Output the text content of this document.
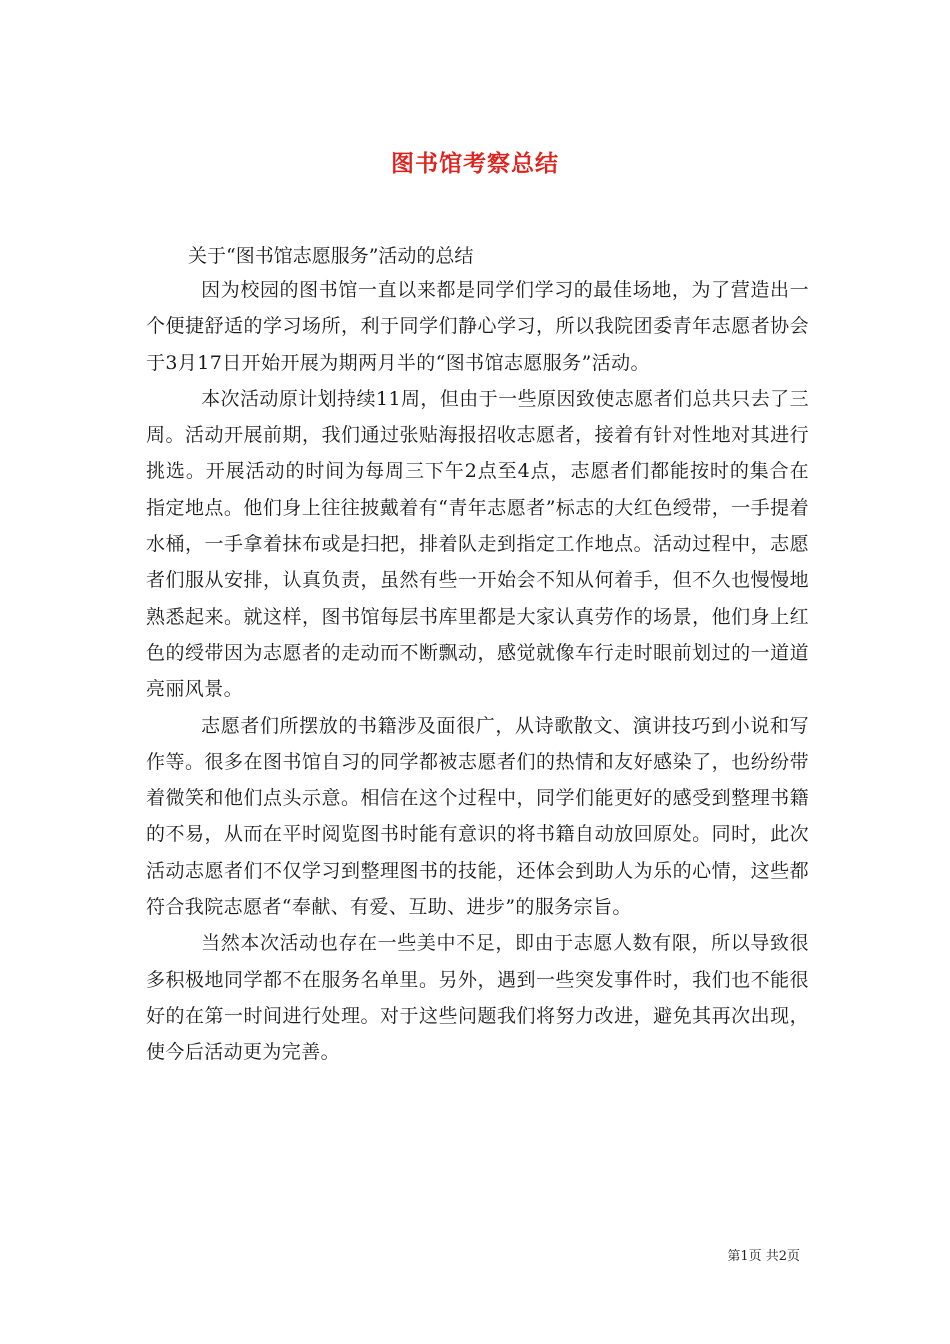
图书馆考察总结

关于“图书馆志愿服务”活动的总结

因为校园的图书馆一直以来都是同学们学习的最佳场地，为了营造出一个便捷舒适的学习场所，利于同学们静心学习，所以我院团委青年志愿者协会于3月17日开始开展为期两月半的“图书馆志愿服务”活动。

本次活动原计划持续11周，但由于一些原因致使志愿者们总共只去了三周。活动开展前期，我们通过张贴海报招收志愿者，接着有针对性地对其进行挑选。开展活动的时间为每周三下午2点至4点，志愿者们都能按时的集合在指定地点。他们身上往往披戴着有“青年志愿者”标志的大红色绶带，一手提着水桶，一手拿着抹布或是扫把，排着队走到指定工作地点。活动过程中，志愿者们服从安排，认真负责，虽然有些一开始会不知从何着手，但不久也慢慢地熟悉起来。就这样，图书馆每层书库里都是大家认真劳作的场景，他们身上红色的绶带因为志愿者的走动而不断飘动，感觉就像车行走时眼前划过的一道道亮丽风景。

志愿者们所摆放的书籍涉及面很广，从诗歌散文、演讲技巧到小说和写作等。很多在图书馆自习的同学都被志愿者们的热情和友好感染了，也纷纷带着微笑和他们点头示意。相信在这个过程中，同学们能更好的感受到整理书籍的不易，从而在平时阅览图书时能有意识的将书籍自动放回原处。同时，此次活动志愿者们不仅学习到整理图书的技能，还体会到助人为乐的心情，这些都符合我院志愿者“奉献、有爱、互助、进步”的服务宗旨。

当然本次活动也存在一些美中不足，即由于志愿人数有限，所以导致很多积极地同学都不在服务名单里。另外，遇到一些突发事件时，我们也不能很好的在第一时间进行处理。对于这些问题我们将努力改进，避免其再次出现，使今后活动更为完善。

第1页 共2页
